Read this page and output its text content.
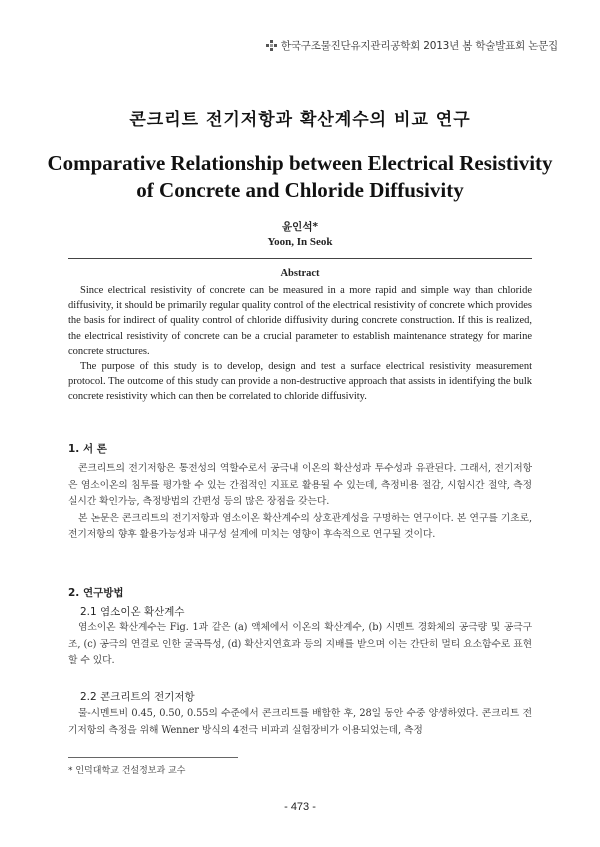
한국구조물진단유지관리공학회 2013년 봄 학술발표회 논문집
콘크리트 전기저항과 확산계수의 비교 연구
Comparative Relationship between Electrical Resistivity of Concrete and Chloride Diffusivity
윤인석*
Yoon, In Seok
Abstract

Since electrical resistivity of concrete can be measured in a more rapid and simple way than chloride diffusivity, it should be primarily regular quality control of the electrical resistivity of concrete which provides the basis for indirect of quality control of chloride diffusivity during concrete construction. If this is realized, the electrical resistivity of concrete can be a crucial parameter to establish maintenance strategy for marine concrete structures.

The purpose of this study is to develop, design and test a surface electrical resistivity measurement protocol. The outcome of this study can provide a non-destructive approach that assists in identifying the bulk concrete resistivity which can then be correlated to chloride diffusivity.

1. 서 론

콘크리트의 전기저항은 통전성의 역할수로서 공극내 이온의 확산성과 투수성과 유관된다. 그래서, 전기저항은 염소이온의 침투를 평가할 수 있는 간접적인 지표로 활용될 수 있는데, 측정비용 절감, 시험시간 절약, 측정 실시간 확인가능, 측정방법의 간편성 등의 많은 장점을 갖는다.

본 논문은 콘크리트의 전기저항과 염소이온 확산계수의 상호관계성을 구명하는 연구이다. 본 연구를 기초로, 전기저항의 향후 활용가능성과 내구성 설계에 미치는 영향이 후속적으로 연구될 것이다.

2. 연구방법
2.1 염소이온 확산계수

염소이온 확산계수는 Fig. 1과 같은 (a) 액체에서 이온의 확산계수, (b) 시멘트 경화체의 공극량 및 공극구조, (c) 공극의 연결로 인한 굴곡특성, (d) 확산지연효과 등의 지배를 받으며 이는 간단히 멀티 요소함수로 표현할 수 있다.

2.2 콘크리트의 전기저항

물-시멘트비 0.45, 0.50, 0.55의 수준에서 콘크리트를 배합한 후, 28일 동안 수중 양생하였다. 콘크리트 전기저항의 측정을 위해 Wenner 방식의 4전극 비파괴 실험장비가 이용되었는데, 측정

* 인덕대학교 건설정보과 교수
- 473 -
